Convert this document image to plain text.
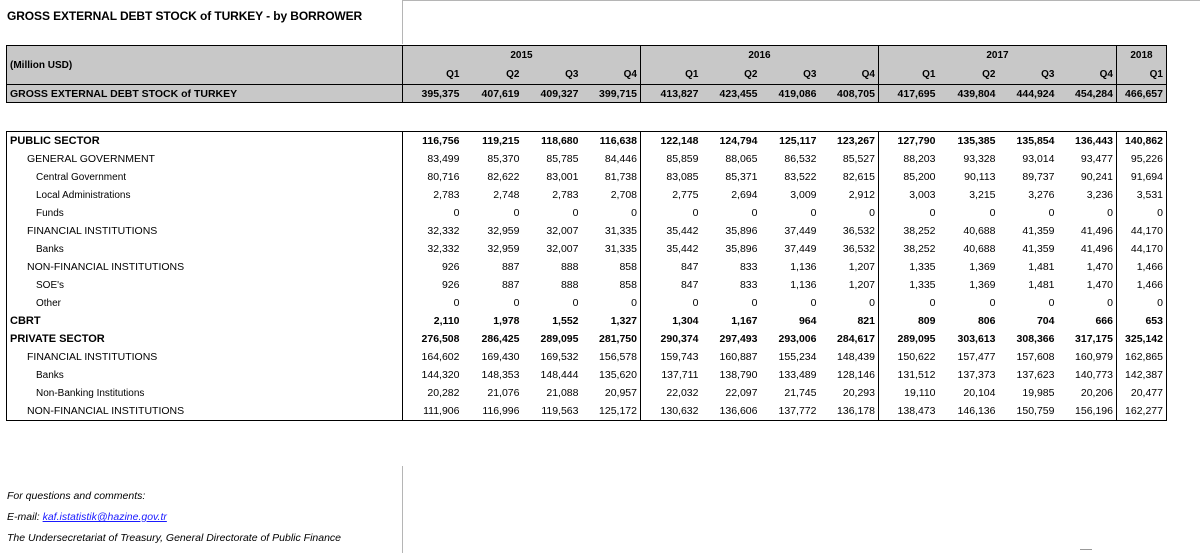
GROSS EXTERNAL DEBT STOCK of TURKEY - by BORROWER
(Million USD)	2015				2016				2017				2018
	Q1	Q2	Q3	Q4	Q1	Q2	Q3	Q4	Q1	Q2	Q3	Q4	Q1
GROSS EXTERNAL DEBT STOCK of TURKEY	395,375	407,619	409,327	399,715	413,827	423,455	419,086	408,705	417,695	439,804	444,924	454,284	466,657
PUBLIC SECTOR	116,756	119,215	118,680	116,638	122,148	124,794	125,117	123,267	127,790	135,385	135,854	136,443	140,862
GENERAL GOVERNMENT	83,499	85,370	85,785	84,446	85,859	88,065	86,532	85,527	88,203	93,328	93,014	93,477	95,226
Central Government	80,716	82,622	83,001	81,738	83,085	85,371	83,522	82,615	85,200	90,113	89,737	90,241	91,694
Local Administrations	2,783	2,748	2,783	2,708	2,775	2,694	3,009	2,912	3,003	3,215	3,276	3,236	3,531
Funds	0	0	0	0	0	0	0	0	0	0	0	0	0
FINANCIAL INSTITUTIONS	32,332	32,959	32,007	31,335	35,442	35,896	37,449	36,532	38,252	40,688	41,359	41,496	44,170
Banks	32,332	32,959	32,007	31,335	35,442	35,896	37,449	36,532	38,252	40,688	41,359	41,496	44,170
NON-FINANCIAL INSTITUTIONS	926	887	888	858	847	833	1,136	1,207	1,335	1,369	1,481	1,470	1,466
SOE's	926	887	888	858	847	833	1,136	1,207	1,335	1,369	1,481	1,470	1,466
Other	0	0	0	0	0	0	0	0	0	0	0	0	0
CBRT	2,110	1,978	1,552	1,327	1,304	1,167	964	821	809	806	704	666	653
PRIVATE SECTOR	276,508	286,425	289,095	281,750	290,374	297,493	293,006	284,617	289,095	303,613	308,366	317,175	325,142
FINANCIAL INSTITUTIONS	164,602	169,430	169,532	156,578	159,743	160,887	155,234	148,439	150,622	157,477	157,608	160,979	162,865
Banks	144,320	148,353	148,444	135,620	137,711	138,790	133,489	128,146	131,512	137,373	137,623	140,773	142,387
Non-Banking Institutions	20,282	21,076	21,088	20,957	22,032	22,097	21,745	20,293	19,110	20,104	19,985	20,206	20,477
NON-FINANCIAL INSTITUTIONS	111,906	116,996	119,563	125,172	130,632	136,606	137,772	136,178	138,473	146,136	150,759	156,196	162,277
For questions and comments:
E-mail: kaf.istatistik@hazine.gov.tr
The Undersecretariat of Treasury, General Directorate of Public Finance
